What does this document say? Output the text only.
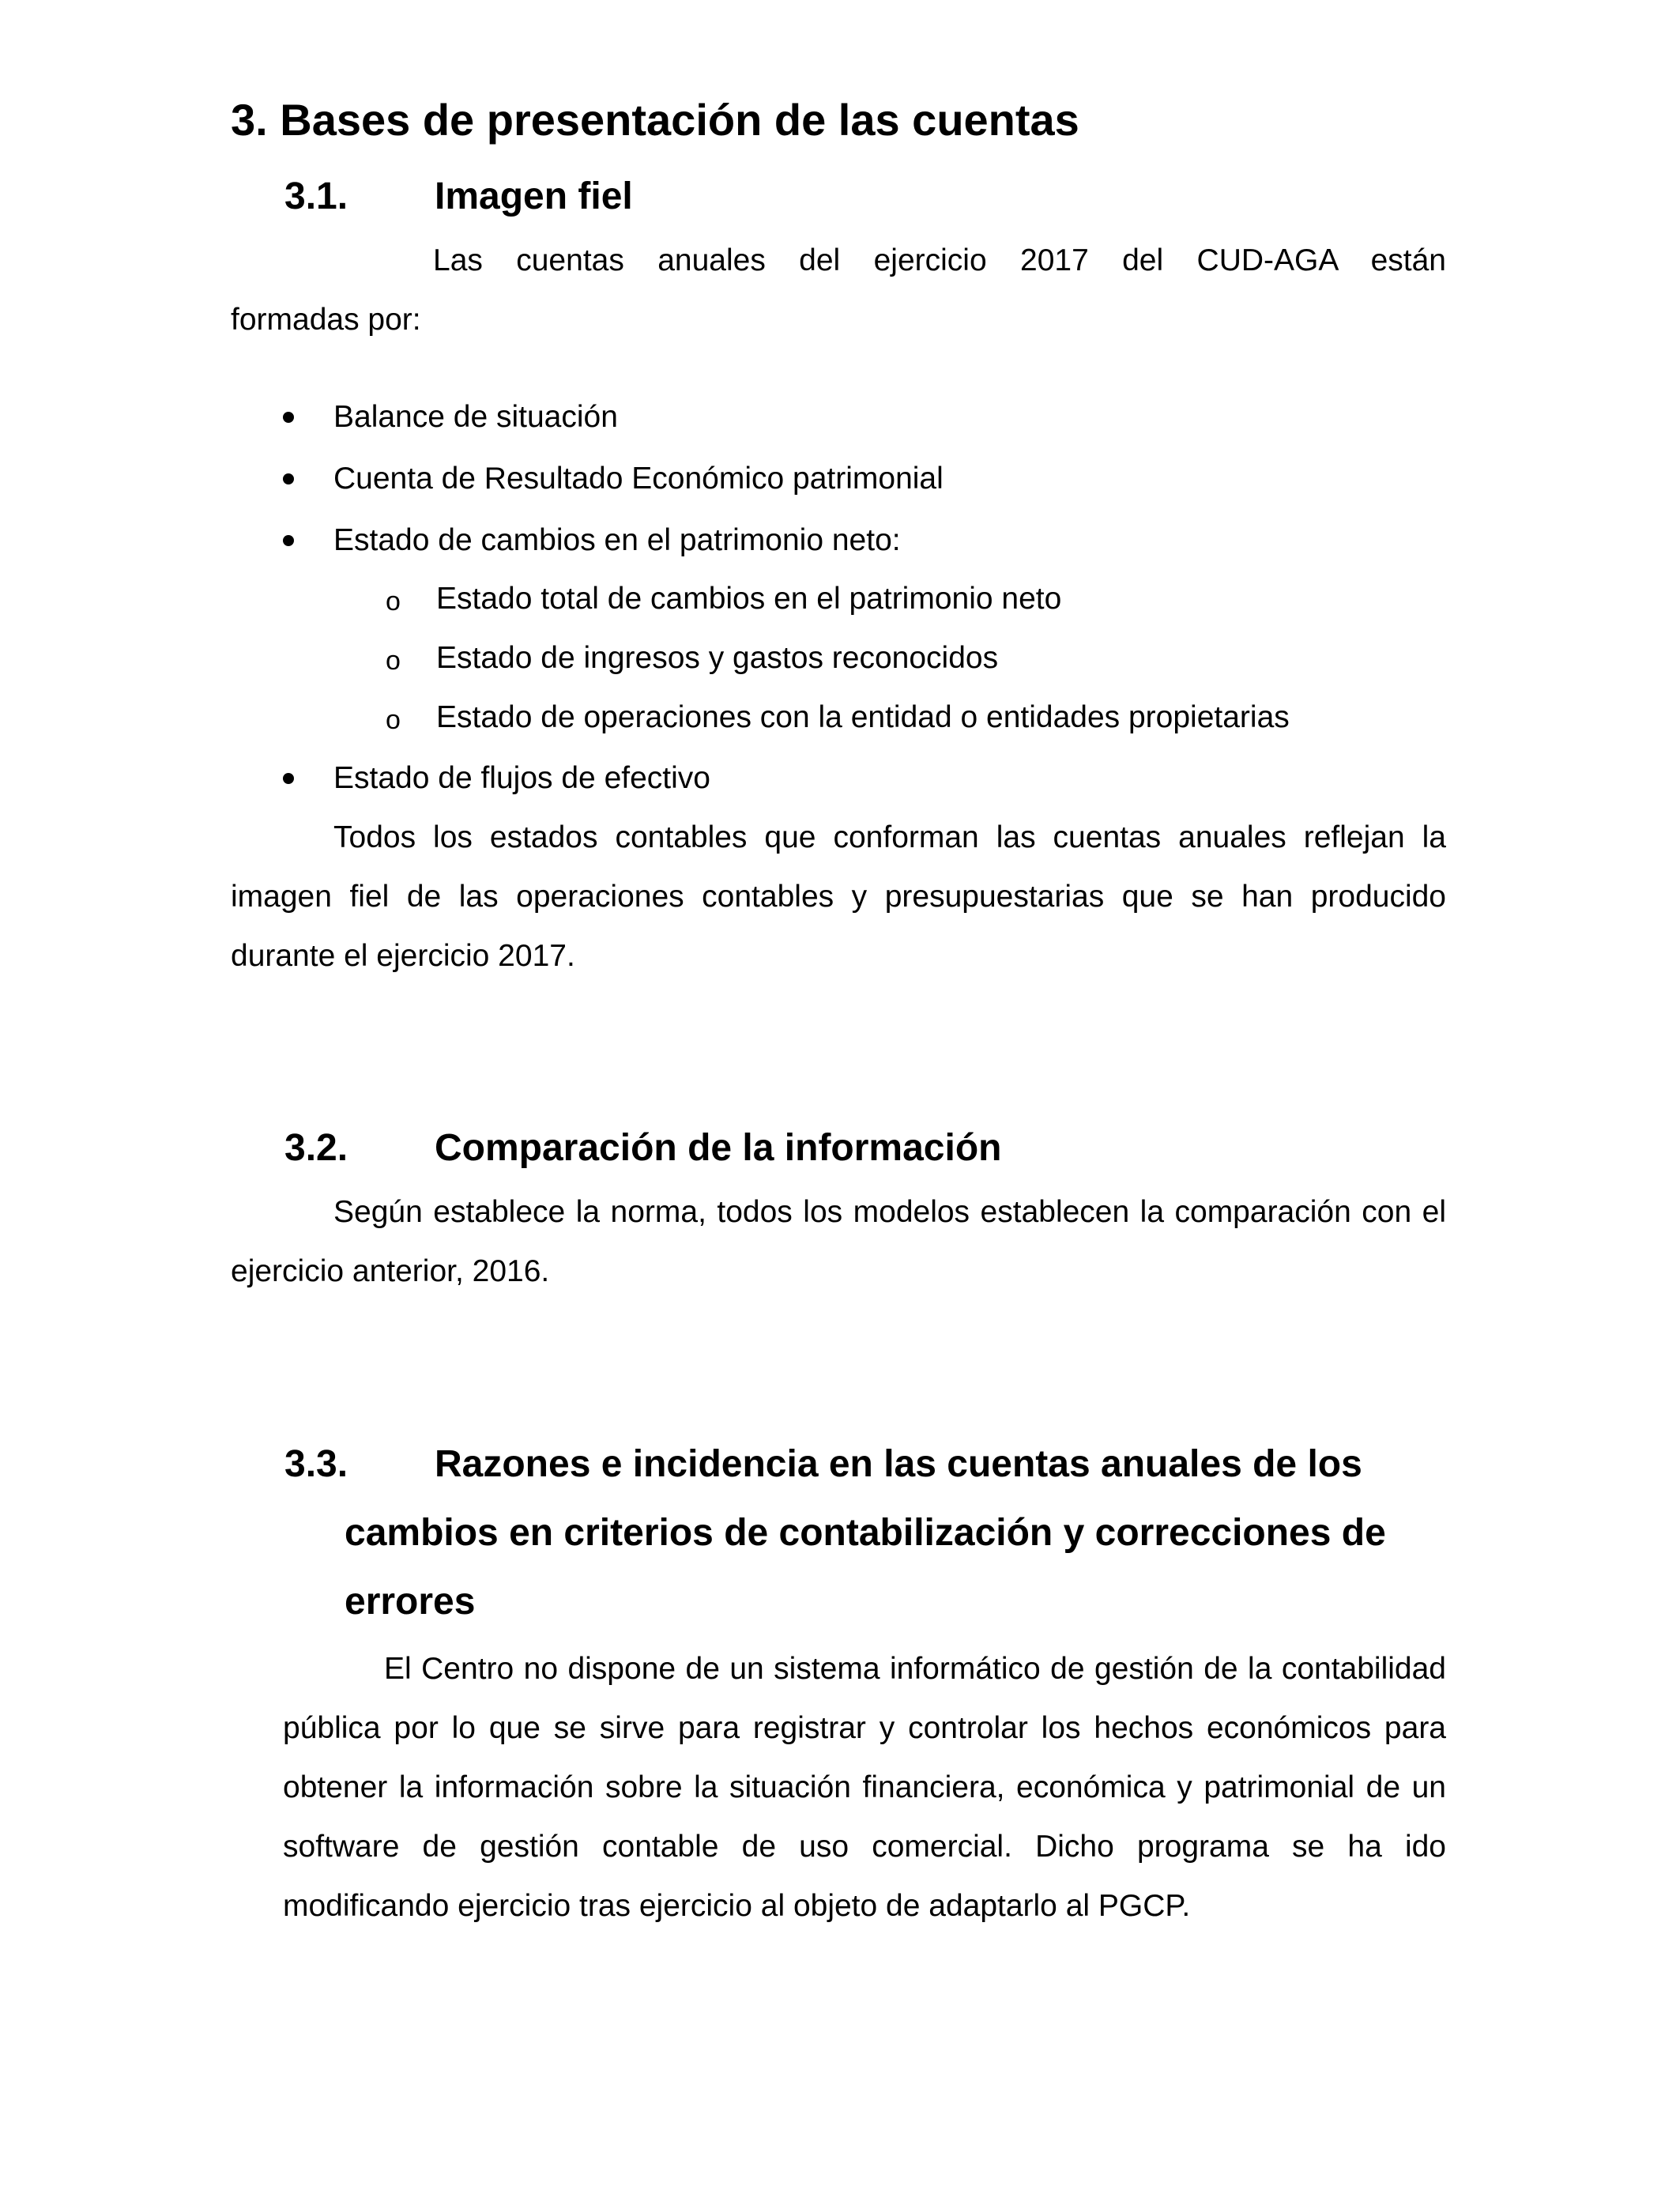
3. Bases de presentación de las cuentas
3.1. Imagen fiel
Las cuentas anuales del ejercicio 2017 del CUD-AGA están
formadas por:
Balance de situación
Cuenta de Resultado Económico patrimonial
Estado de cambios en el patrimonio neto:
o Estado total de cambios en el patrimonio neto
o Estado de ingresos y gastos reconocidos
o Estado de operaciones con la entidad o entidades propietarias
Estado de flujos de efectivo

Todos los estados contables que conforman las cuentas anuales reflejan la imagen fiel de las operaciones contables y presupuestarias que se han producido durante el ejercicio 2017.

3.2. Comparación de la información

Según establece la norma, todos los modelos establecen la comparación con el ejercicio anterior, 2016.

3.3. Razones e incidencia en las cuentas anuales de los
cambios en criterios de contabilización y correcciones de
errores

El Centro no dispone de un sistema informático de gestión de la contabilidad pública por lo que se sirve para registrar y controlar los hechos económicos para obtener la información sobre la situación financiera, económica y patrimonial de un software de gestión contable de uso comercial. Dicho programa se ha ido modificando ejercicio tras ejercicio al objeto de adaptarlo al PGCP.
